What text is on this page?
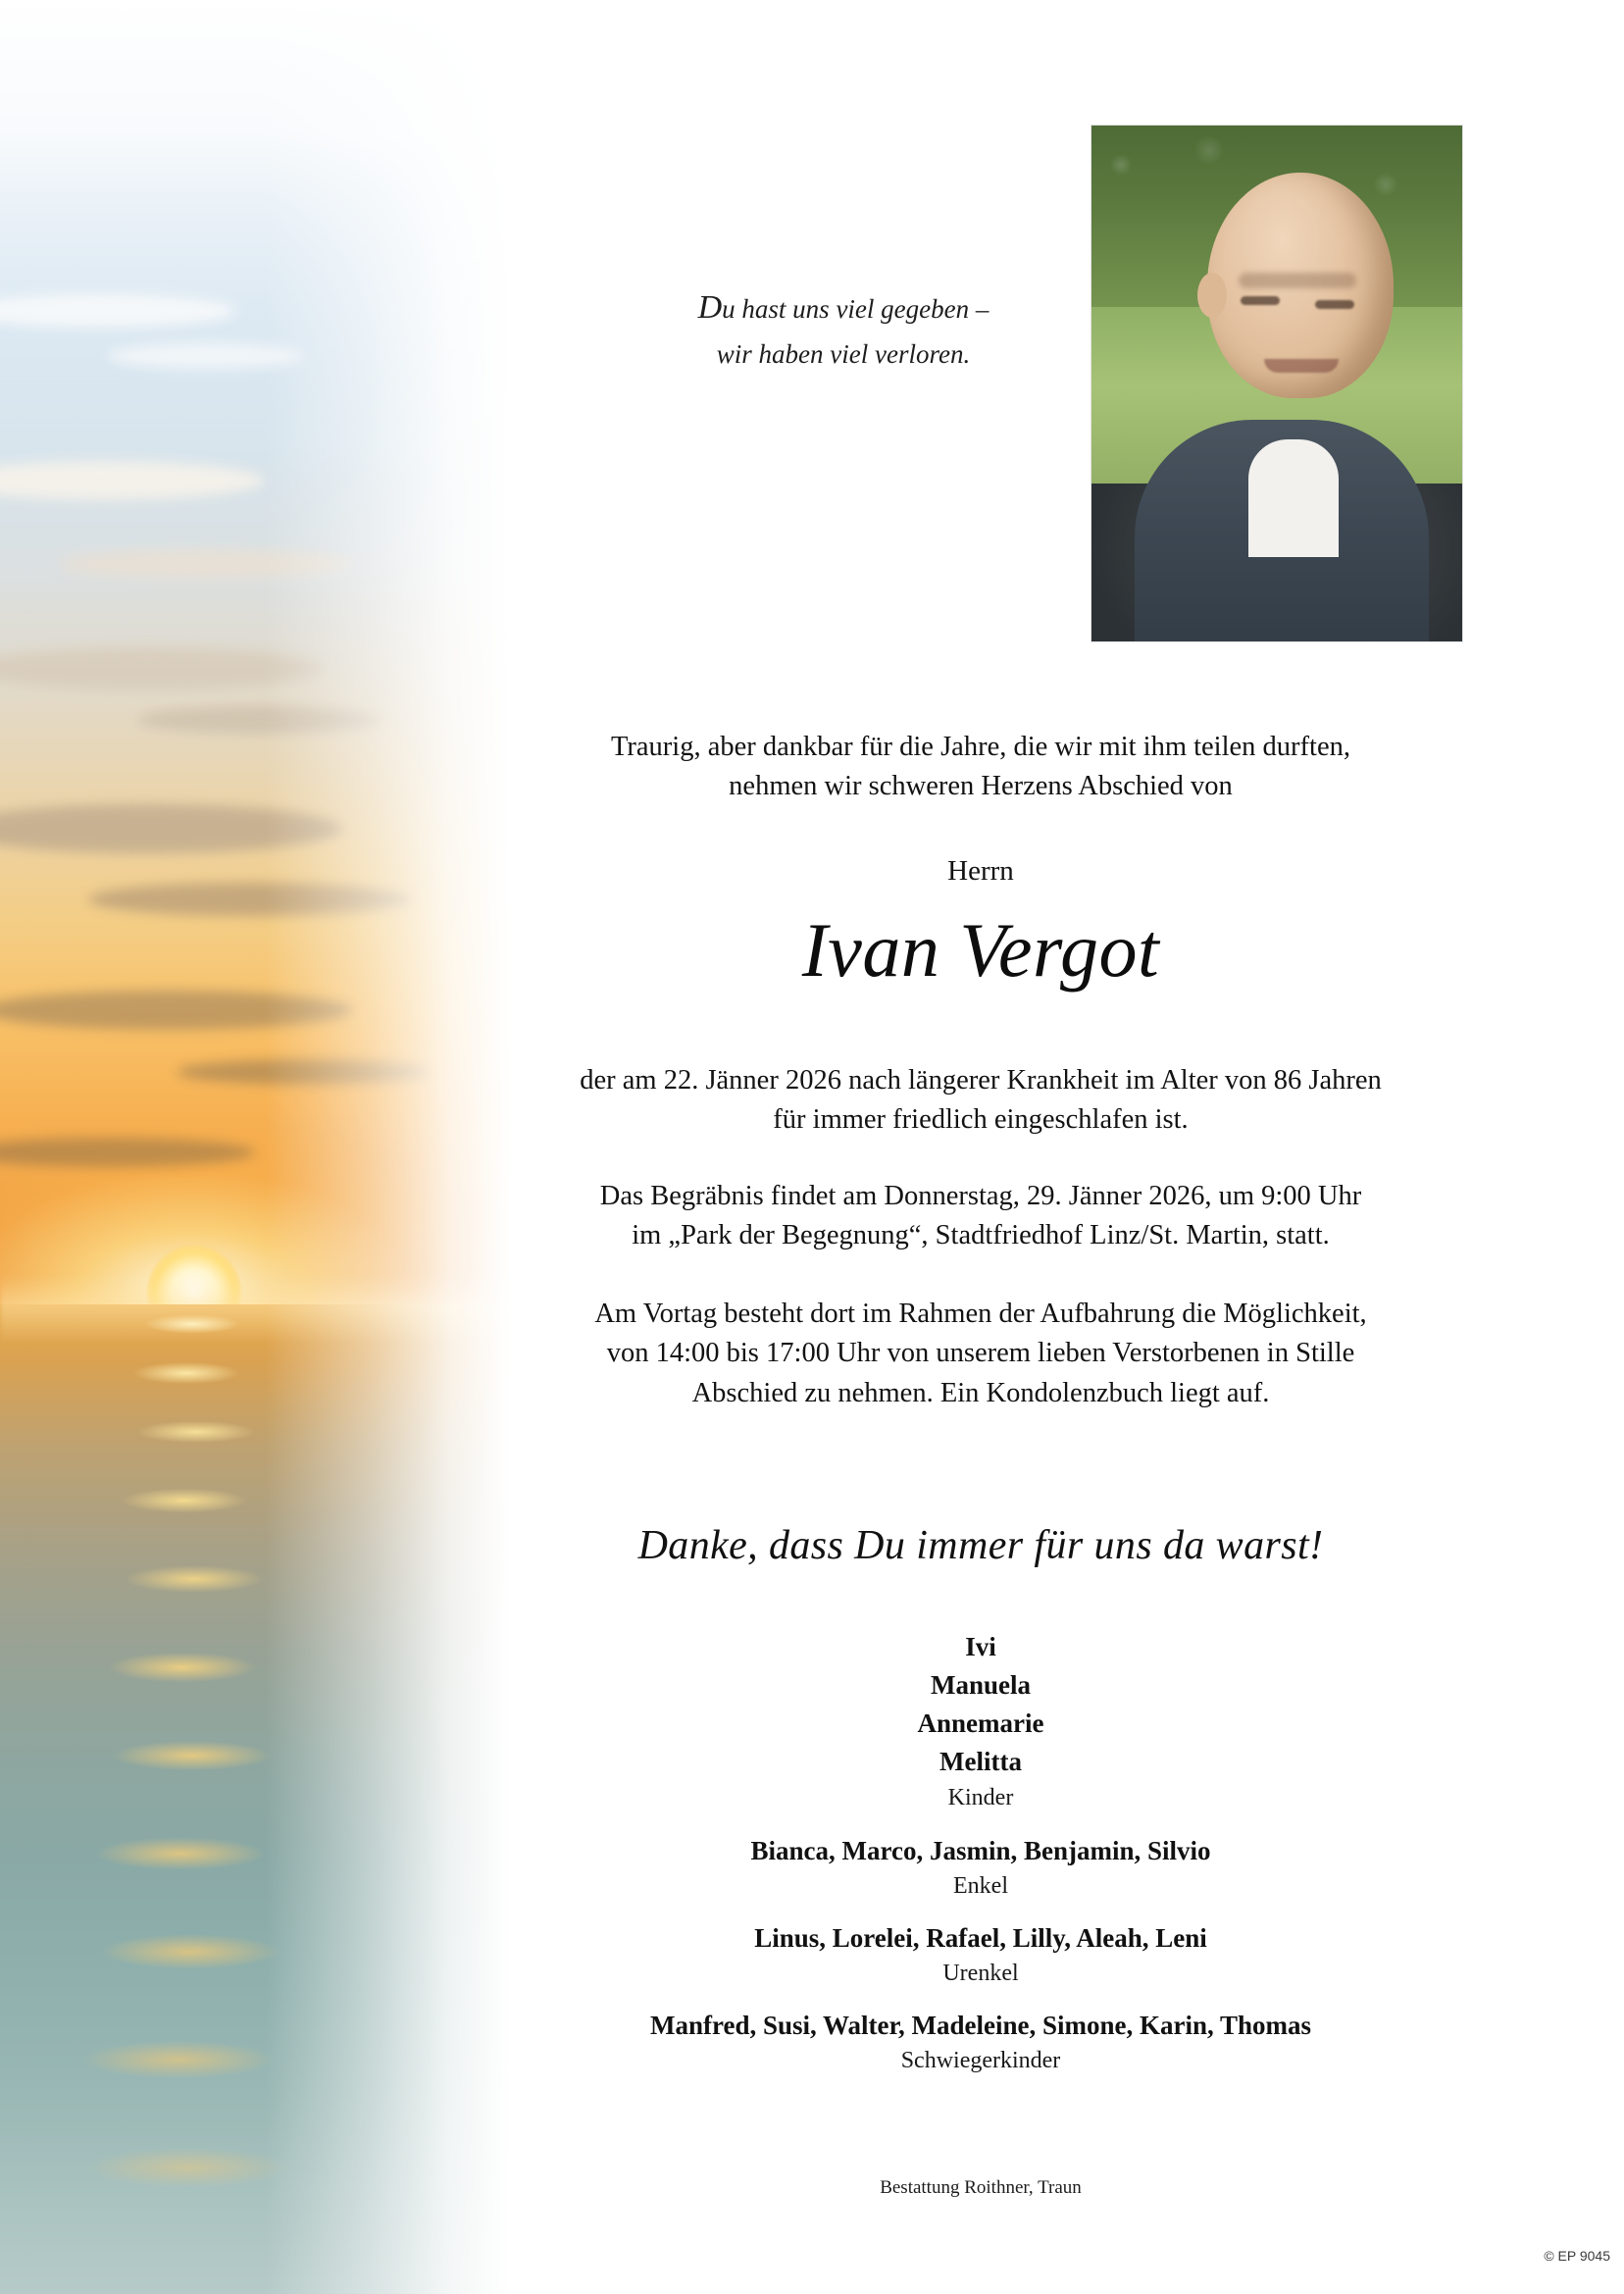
Du hast uns viel gegeben –
wir haben viel verloren.
Traurig, aber dankbar für die Jahre, die wir mit ihm teilen durften,
nehmen wir schweren Herzens Abschied von
Herrn
Ivan Vergot
der am 22. Jänner 2026 nach längerer Krankheit im Alter von 86 Jahren
für immer friedlich eingeschlafen ist.
Das Begräbnis findet am Donnerstag, 29. Jänner 2026, um 9:00 Uhr
im „Park der Begegnung“, Stadtfriedhof Linz/St. Martin, statt.
Am Vortag besteht dort im Rahmen der Aufbahrung die Möglichkeit,
von 14:00 bis 17:00 Uhr von unserem lieben Verstorbenen in Stille
Abschied zu nehmen. Ein Kondolenzbuch liegt auf.
Danke, dass Du immer für uns da warst!
Ivi
Manuela
Annemarie
Melitta
Kinder
Bianca, Marco, Jasmin, Benjamin, Silvio
Enkel
Linus, Lorelei, Rafael, Lilly, Aleah, Leni
Urenkel
Manfred, Susi, Walter, Madeleine, Simone, Karin, Thomas
Schwiegerkinder
Bestattung Roithner, Traun
© EP 9045
